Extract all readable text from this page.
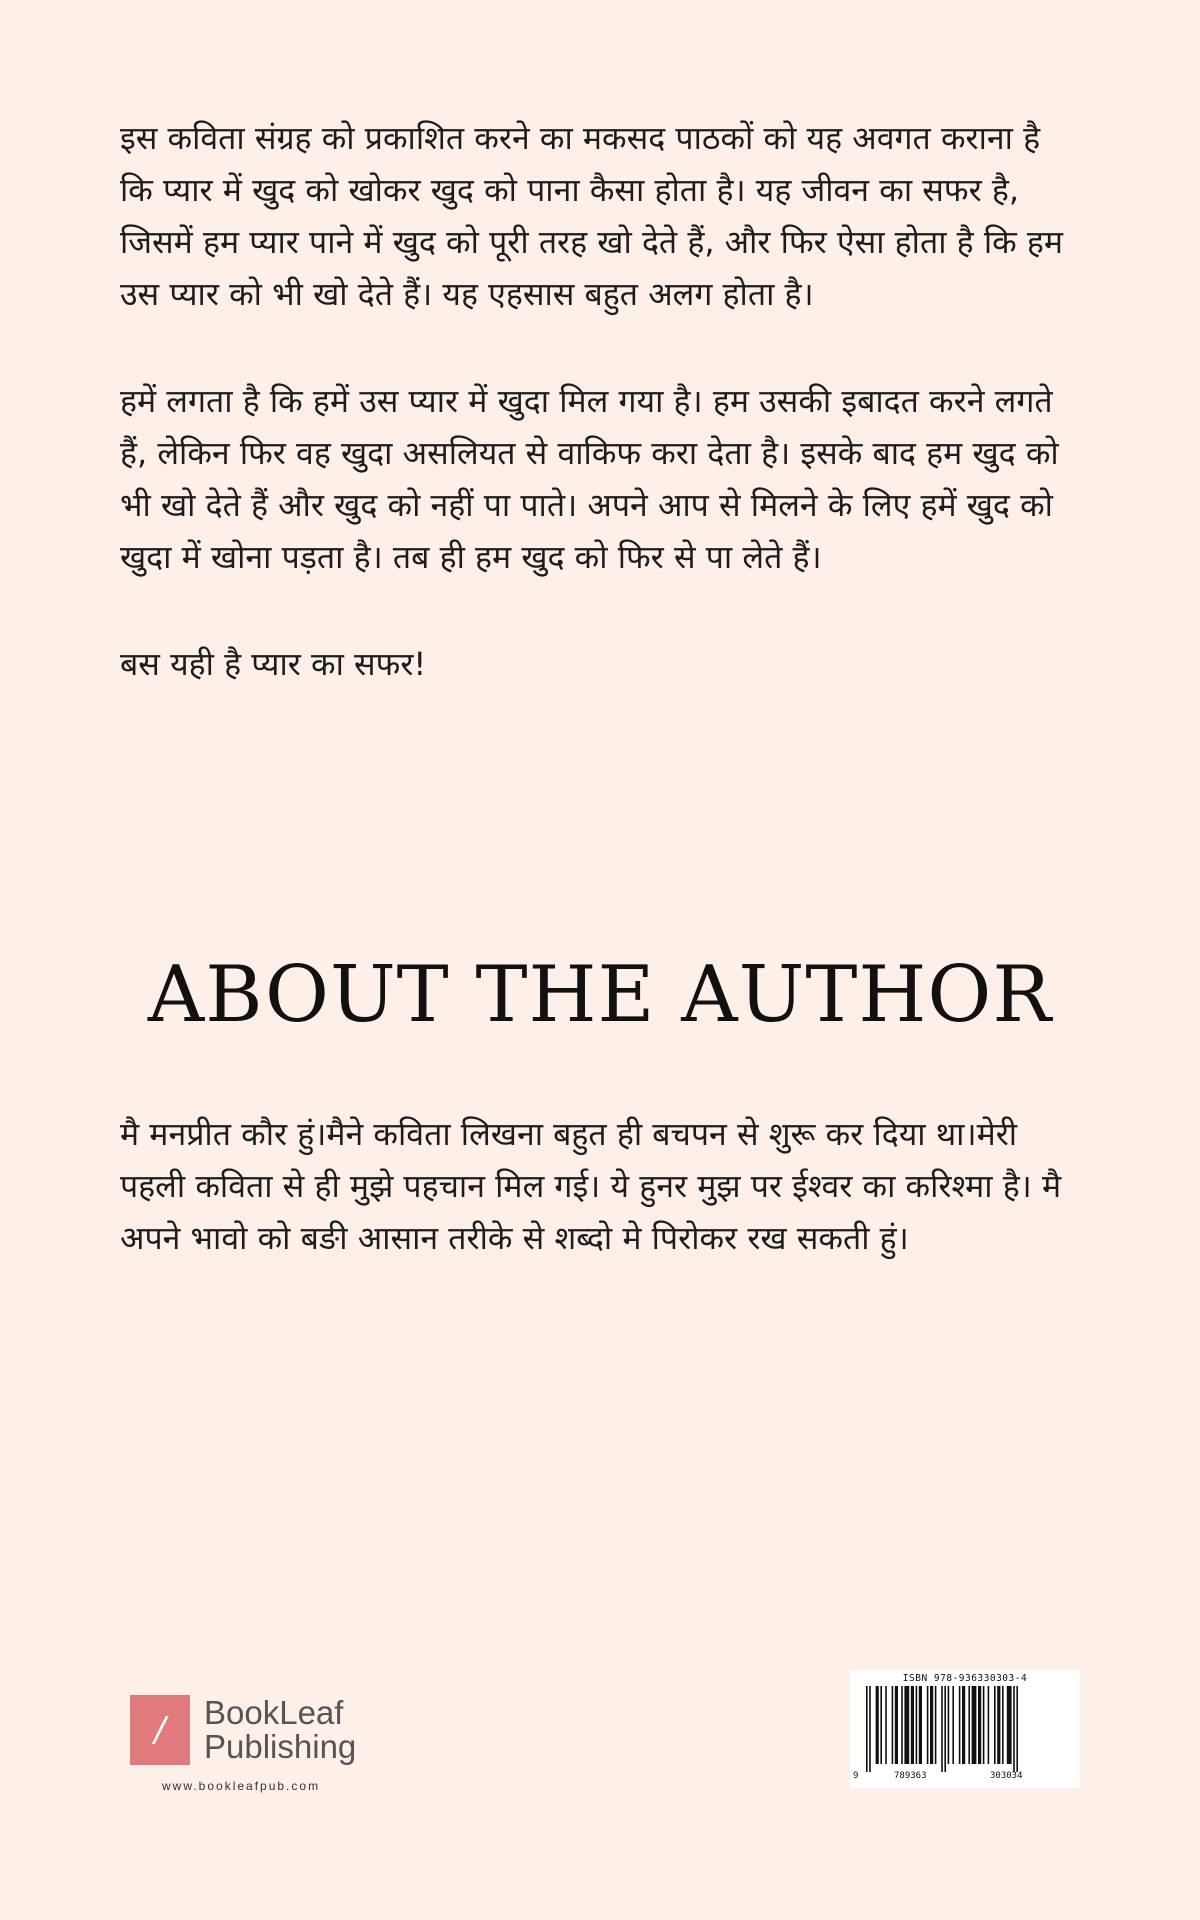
इस कविता संग्रह को प्रकाशित करने का मकसद पाठकों को यह अवगत कराना है कि प्यार में खुद को खोकर खुद को पाना कैसा होता है। यह जीवन का सफर है, जिसमें हम प्यार पाने में खुद को पूरी तरह खो देते हैं, और फिर ऐसा होता है कि हम उस प्यार को भी खो देते हैं। यह एहसास बहुत अलग होता है।

हमें लगता है कि हमें उस प्यार में खुदा मिल गया है। हम उसकी इबादत करने लगते हैं, लेकिन फिर वह खुदा असलियत से वाकिफ करा देता है। इसके बाद हम खुद को भी खो देते हैं और खुद को नहीं पा पाते। अपने आप से मिलने के लिए हमें खुद को खुदा में खोना पड़ता है। तब ही हम खुद को फिर से पा लेते हैं।

बस यही है प्यार का सफर!

ABOUT THE AUTHOR

मै मनप्रीत कौर हुं।मैने कविता लिखना बहुत ही बचपन से शुरू कर दिया था।मेरी पहली कविता से ही मुझे पहचान मिल गई। ये हुनर मुझ पर ईश्वर का करिश्मा है। मै अपने भावो को बङी आसान तरीके से शब्दो मे पिरोकर रख सकती हुं।

/	BookLeaf
Publishing
www.bookleafpub.com
ISBN 978-936330303-4
9	789363	303034
